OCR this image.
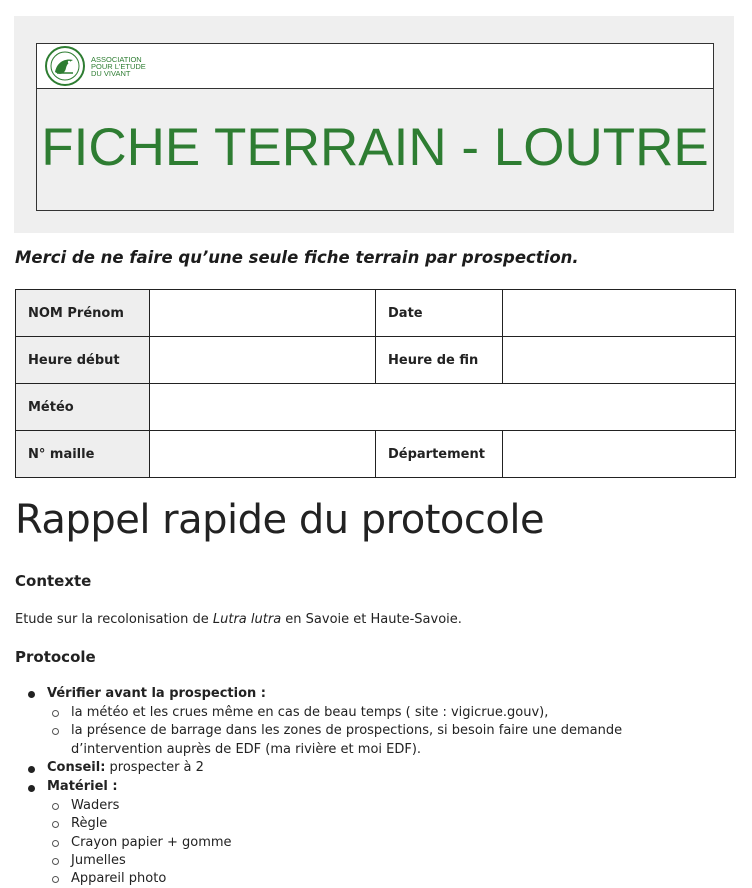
ASSOCIATION
POUR L'ETUDE
DU VIVANT
FICHE TERRAIN - LOUTRE
Merci de ne faire qu’une seule fiche terrain par prospection.
NOM Prénom		Date	
Heure début		Heure de fin	
Météo			
N° maille		Département	
Rappel rapide du protocole
Contexte
Etude sur la recolonisation de Lutra lutra en Savoie et Haute-Savoie.
Protocole
Vérifier avant la prospection :
la météo et les crues même en cas de beau temps ( site : vigicrue.gouv),
la présence de barrage dans les zones de prospections, si besoin faire une demande
d’intervention auprès de EDF (ma rivière et moi EDF).
Conseil: prospecter à 2
Matériel :
Waders
Règle
Crayon papier + gomme
Jumelles
Appareil photo
